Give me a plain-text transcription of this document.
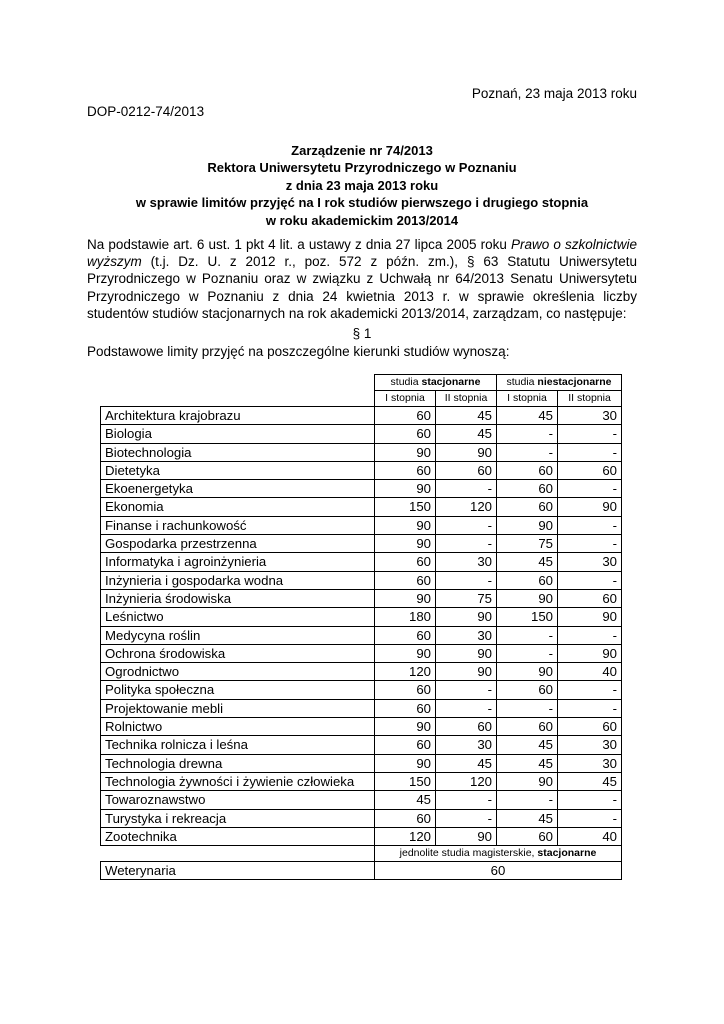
Poznań, 23 maja 2013 roku
DOP-0212-74/2013
Zarządzenie nr 74/2013
Rektora Uniwersytetu Przyrodniczego w Poznaniu
z dnia 23 maja 2013 roku
w sprawie limitów przyjęć na I rok studiów pierwszego i drugiego stopnia
w roku akademickim 2013/2014
Na podstawie art. 6 ust. 1 pkt 4 lit. a ustawy z dnia 27 lipca 2005 roku Prawo o szkolnictwie wyższym (t.j. Dz. U. z 2012 r., poz. 572 z późn. zm.), § 63 Statutu Uniwersytetu Przyrodniczego w Poznaniu oraz w związku z Uchwałą nr 64/2013 Senatu Uniwersytetu Przyrodniczego w Poznaniu z dnia 24 kwietnia 2013 r. w sprawie określenia liczby studentów studiów stacjonarnych na rok akademicki 2013/2014, zarządzam, co następuje:
§ 1
Podstawowe limity przyjęć na poszczególne kierunki studiów wynoszą:
	studia stacjonarne		studia niestacjonarne	
	I stopnia	II stopnia	I stopnia	II stopnia
Architektura krajobrazu	60	45	45	30
Biologia	60	45	-	-
Biotechnologia	90	90	-	-
Dietetyka	60	60	60	60
Ekoenergetyka	90	-	60	-
Ekonomia	150	120	60	90
Finanse i rachunkowość	90	-	90	-
Gospodarka przestrzenna	90	-	75	-
Informatyka i agroinżynieria	60	30	45	30
Inżynieria i gospodarka wodna	60	-	60	-
Inżynieria środowiska	90	75	90	60
Leśnictwo	180	90	150	90
Medycyna roślin	60	30	-	-
Ochrona środowiska	90	90	-	90
Ogrodnictwo	120	90	90	40
Polityka społeczna	60	-	60	-
Projektowanie mebli	60	-	-	-
Rolnictwo	90	60	60	60
Technika rolnicza i leśna	60	30	45	30
Technologia drewna	90	45	45	30
Technologia żywności i żywienie człowieka	150	120	90	45
Towaroznawstwo	45	-	-	-
Turystyka i rekreacja	60	-	45	-
Zootechnika	120	90	60	40
	jednolite studia magisterskie, stacjonarne			
Weterynaria	60			
